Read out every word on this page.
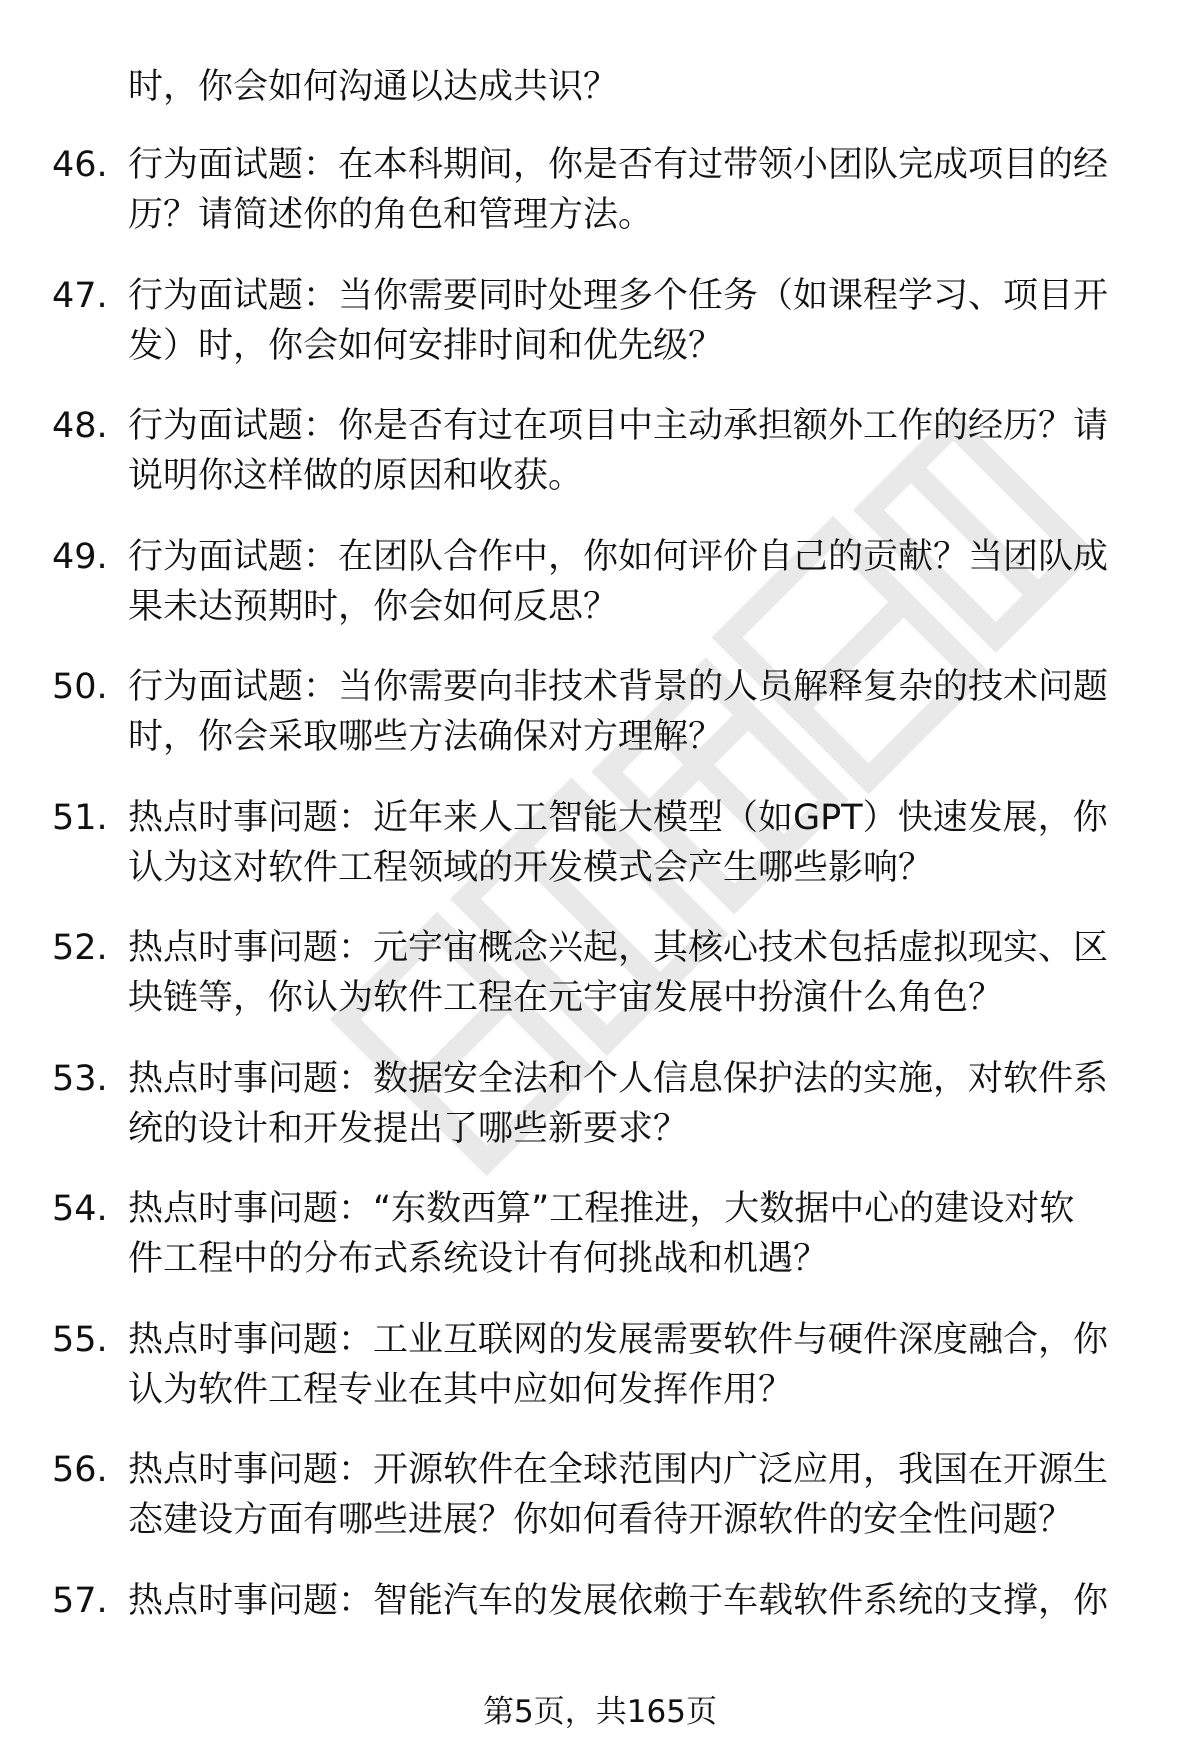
时，你会如何沟通以达成共识？
46. 行为面试题：在本科期间，你是否有过带领小团队完成项目的经
历？请简述你的角色和管理方法。
47. 行为面试题：当你需要同时处理多个任务（如课程学习、项目开
发）时，你会如何安排时间和优先级？
48. 行为面试题：你是否有过在项目中主动承担额外工作的经历？请
说明你这样做的原因和收获。
49. 行为面试题：在团队合作中，你如何评价自己的贡献？当团队成
果未达预期时，你会如何反思？
50. 行为面试题：当你需要向非技术背景的人员解释复杂的技术问题
时，你会采取哪些方法确保对方理解？
51. 热点时事问题：近年来人工智能大模型（如GPT）快速发展，你
认为这对软件工程领域的开发模式会产生哪些影响？
52. 热点时事问题：元宇宙概念兴起，其核心技术包括虚拟现实、区
块链等，你认为软件工程在元宇宙发展中扮演什么角色？
53. 热点时事问题：数据安全法和个人信息保护法的实施，对软件系
统的设计和开发提出了哪些新要求？
54. 热点时事问题：“东数西算”工程推进，大数据中心的建设对软
件工程中的分布式系统设计有何挑战和机遇？
55. 热点时事问题：工业互联网的发展需要软件与硬件深度融合，你
认为软件工程专业在其中应如何发挥作用？
56. 热点时事问题：开源软件在全球范围内广泛应用，我国在开源生
态建设方面有哪些进展？你如何看待开源软件的安全性问题？
57. 热点时事问题：智能汽车的发展依赖于车载软件系统的支撑，你
第5页，共165页
